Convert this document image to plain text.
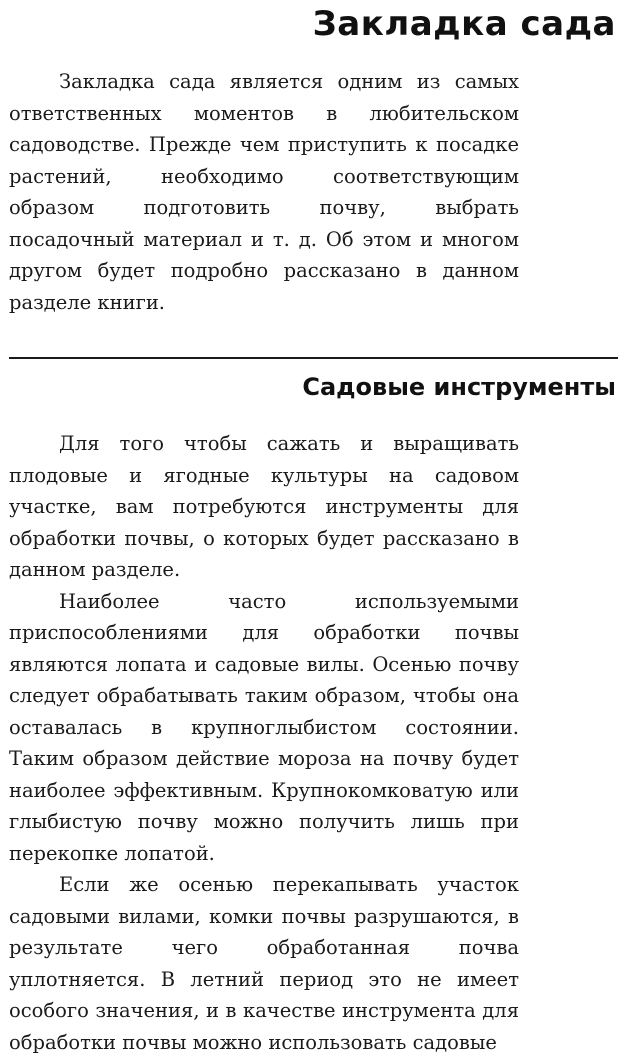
Закладка сада

Закладка сада является одним из самых ответственных моментов в любительском садоводстве. Прежде чем приступить к посадке растений, необходимо соответствующим образом подготовить почву, выбрать посадочный материал и т. д. Об этом и многом другом будет подробно рассказано в данном разделе книги.

Садовые инструменты

Для того чтобы сажать и выращивать плодовые и ягодные культуры на садовом участке, вам потребуются инструменты для обработки почвы, о которых будет рассказано в данном разделе.

Наиболее часто используемыми приспособлениями для обработки почвы являются лопата и садовые вилы. Осенью почву следует обрабатывать таким образом, чтобы она оставалась в крупноглыбистом состоянии. Таким образом действие мороза на почву будет наиболее эффективным. Крупнокомковатую или глыбистую почву можно получить лишь при перекопке лопатой.

Если же осенью перекапывать участок садовыми вилами, комки почвы разрушаются, в результате чего обработанная почва уплотняется. В летний период это не имеет особого значения, и в качестве инструмента для обработки почвы можно использовать садовые
